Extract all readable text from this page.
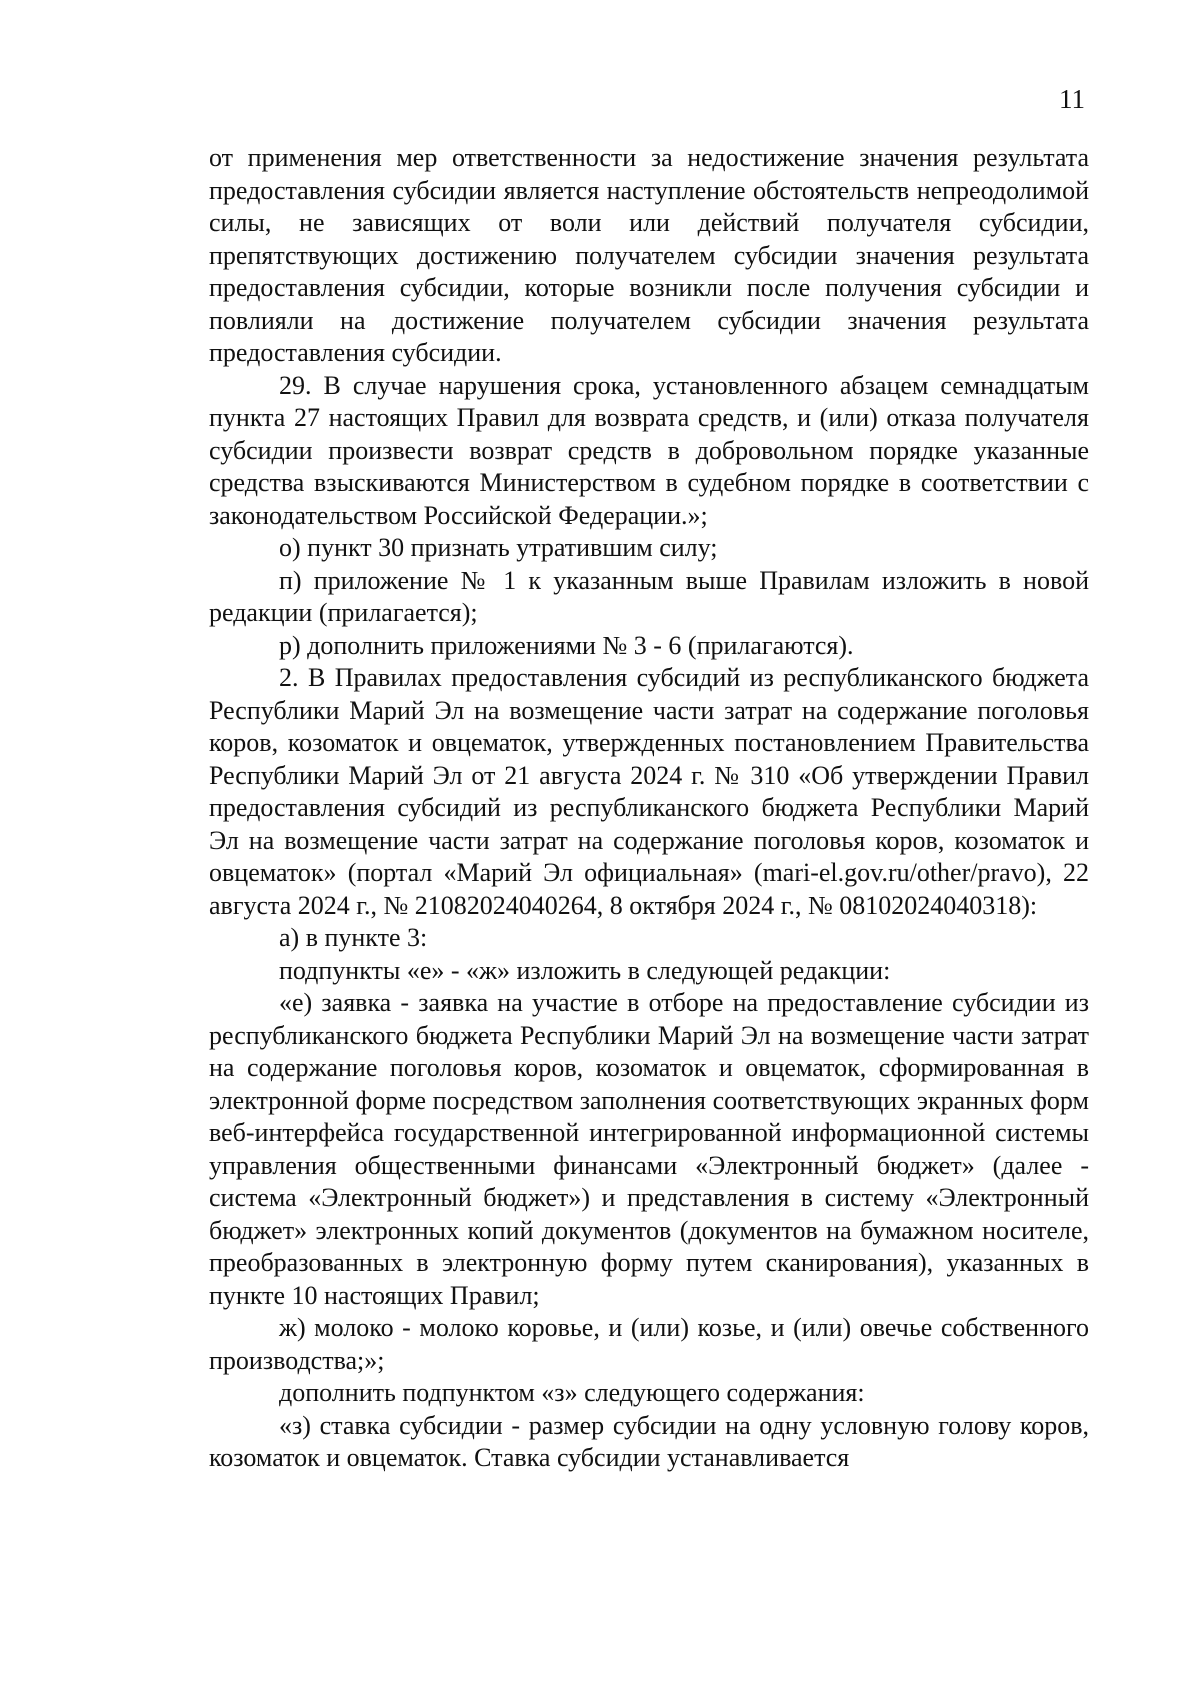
11

от применения мер ответственности за недостижение значения результата предоставления субсидии является наступление обстоятельств непреодолимой силы, не зависящих от воли или действий получателя субсидии, препятствующих достижению получателем субсидии значения результата предоставления субсидии, которые возникли после получения субсидии и повлияли на достижение получателем субсидии значения результата предоставления субсидии.

29. В случае нарушения срока, установленного абзацем семнадцатым пункта 27 настоящих Правил для возврата средств, и (или) отказа получателя субсидии произвести возврат средств в добровольном порядке указанные средства взыскиваются Министерством в судебном порядке в соответствии с законодательством Российской Федерации.»;

о) пункт 30 признать утратившим силу;

п) приложение № 1 к указанным выше Правилам изложить в новой редакции (прилагается);

р) дополнить приложениями № 3 - 6 (прилагаются).

2. В Правилах предоставления субсидий из республиканского бюджета Республики Марий Эл на возмещение части затрат на содержание поголовья коров, козоматок и овцематок, утвержденных постановлением Правительства Республики Марий Эл от 21 августа 2024 г. № 310 «Об утверждении Правил предоставления субсидий из республиканского бюджета Республики Марий Эл на возмещение части затрат на содержание поголовья коров, козоматок и овцематок» (портал «Марий Эл официальная» (mari-el.gov.ru/other/pravo), 22 августа 2024 г., № 21082024040264, 8 октября 2024 г., № 08102024040318):

а) в пункте 3:

подпункты «е» - «ж» изложить в следующей редакции:

«е) заявка - заявка на участие в отборе на предоставление субсидии из республиканского бюджета Республики Марий Эл на возмещение части затрат на содержание поголовья коров, козоматок и овцематок, сформированная в электронной форме посредством заполнения соответствующих экранных форм веб-интерфейса государственной интегрированной информационной системы управления общественными финансами «Электронный бюджет» (далее - система «Электронный бюджет») и представления в систему «Электронный бюджет» электронных копий документов (документов на бумажном носителе, преобразованных в электронную форму путем сканирования), указанных в пункте 10 настоящих Правил;

ж) молоко - молоко коровье, и (или) козье, и (или) овечье собственного производства;»;

дополнить подпунктом «з» следующего содержания:

«з) ставка субсидии - размер субсидии на одну условную голову коров, козоматок и овцематок. Ставка субсидии устанавливается
